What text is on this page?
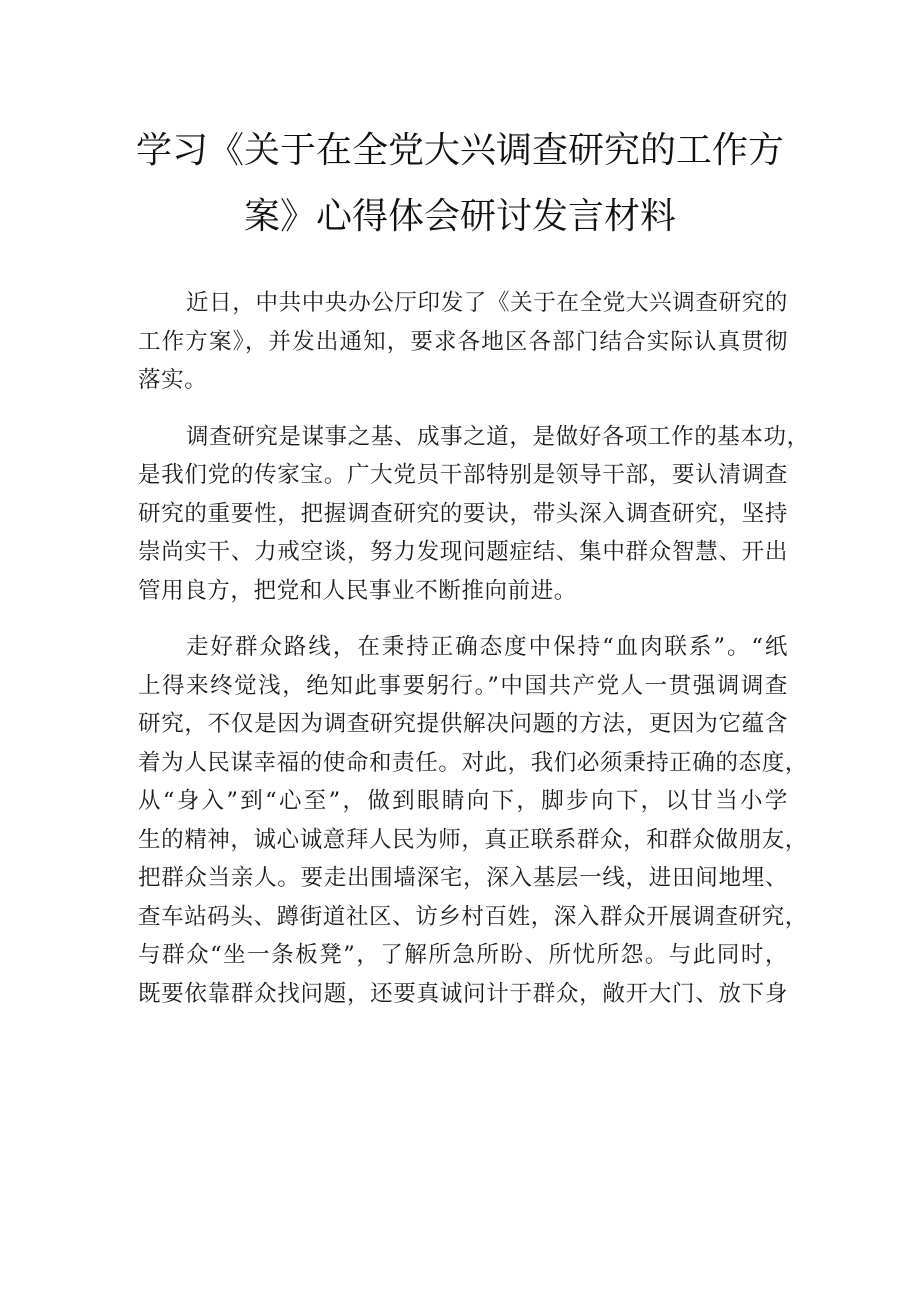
学习《关于在全党大兴调查研究的工作方
案》心得体会研讨发言材料

近日，中共中央办公厅印发了《关于在全党大兴调查研究的
工作方案》，并发出通知，要求各地区各部门结合实际认真贯彻
落实。

调查研究是谋事之基、成事之道，是做好各项工作的基本功，
是我们党的传家宝。广大党员干部特别是领导干部，要认清调查
研究的重要性，把握调查研究的要诀，带头深入调查研究，坚持
崇尚实干、力戒空谈，努力发现问题症结、集中群众智慧、开出
管用良方，把党和人民事业不断推向前进。

走好群众路线，在秉持正确态度中保持“血肉联系”。“纸
上得来终觉浅，绝知此事要躬行。”中国共产党人一贯强调调查
研究，不仅是因为调查研究提供解决问题的方法，更因为它蕴含
着为人民谋幸福的使命和责任。对此，我们必须秉持正确的态度，
从“身入”到“心至”，做到眼睛向下，脚步向下，以甘当小学
生的精神，诚心诚意拜人民为师，真正联系群众，和群众做朋友，
把群众当亲人。要走出围墙深宅，深入基层一线，进田间地埋、
查车站码头、蹲街道社区、访乡村百姓，深入群众开展调查研究，
与群众“坐一条板凳”，了解所急所盼、所忧所怨。与此同时，
既要依靠群众找问题，还要真诚问计于群众，敞开大门、放下身
